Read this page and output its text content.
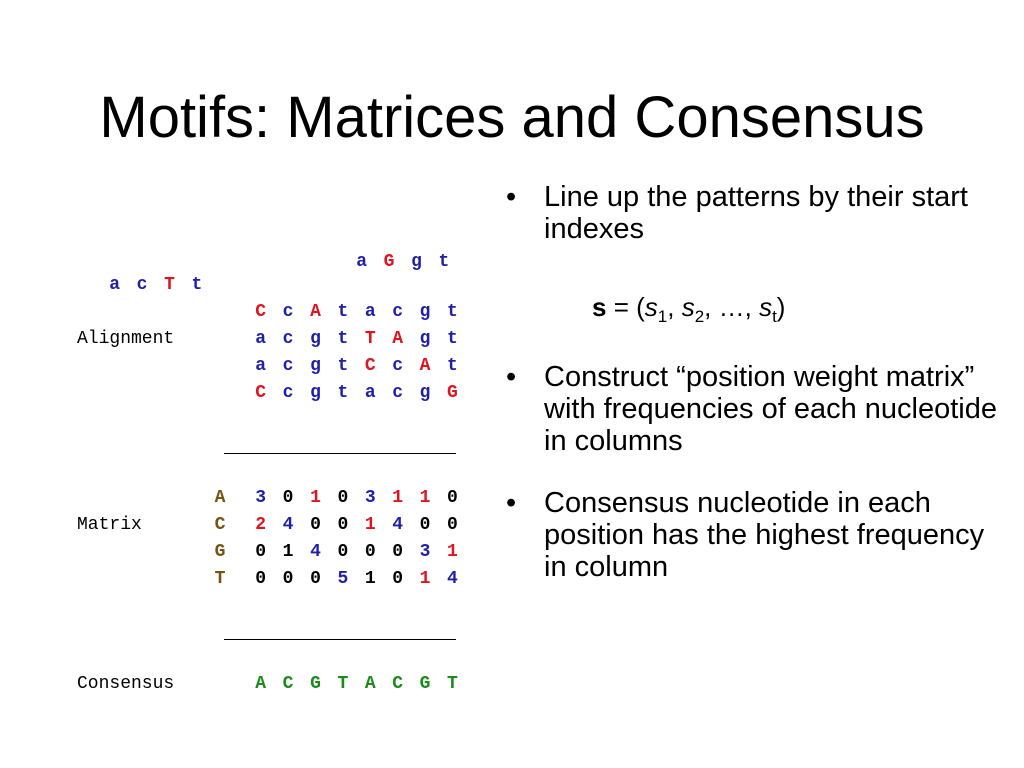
Motifs: Matrices and Consensus
Alignment
a G g t
a c T t
C c A t a c g t
a c g t T A g t
a c g t C c A t
C c g t a c g G
Matrix
A
C
G
T
3 0 1 0 3 1 1 0
2 4 0 0 1 4 0 0
0 1 4 0 0 0 3 1
0 0 0 5 1 0 1 4
Consensus	A C G T A C G T
• Line up the patterns by their start indexes
• Construct “position weight matrix” with frequencies of each nucleotide in columns
• Consensus nucleotide in each position has the highest frequency in column
$s = (s_1$, $s_2$, …, $s_t$)
